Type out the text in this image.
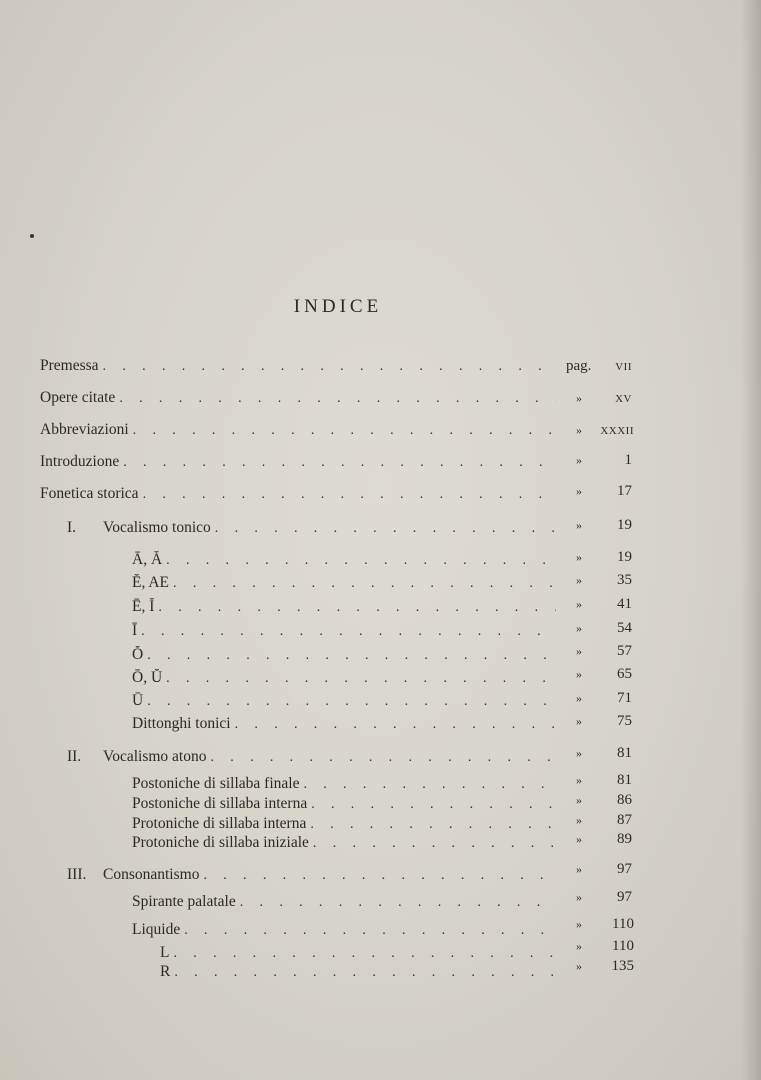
INDICE
Premessa . . .	pag. vii
Opere citate . . .	» xv
Abbreviazioni . . .	» xxxii
Introduzione . . .	»	1
Fonetica storica . . .	» 17
I.	Vocalismo tonico . . .	» 19
Ā, Ă . . .	» 19
Ĕ, AE . . .	» 35
Ē, Ĭ . . .	» 41
Ī . . .	» 54
Ŏ . . .	» 57
Ō, Ŭ . . .	» 65
Ū . . .	» 71
Dittonghi tonici . . .	» 75
II.	Vocalismo atono . . .	» 81
Postoniche di sillaba finale . . .	» 81
Postoniche di sillaba interna . . .	» 86
Protoniche di sillaba interna . . .	» 87
Protoniche di sillaba iniziale . . .	» 89
III.	Consonantismo . . .	» 97
Spirante palatale . . .	» 97
Liquide . . .	» 110
L . . .	» 110
R . . .	» 135
